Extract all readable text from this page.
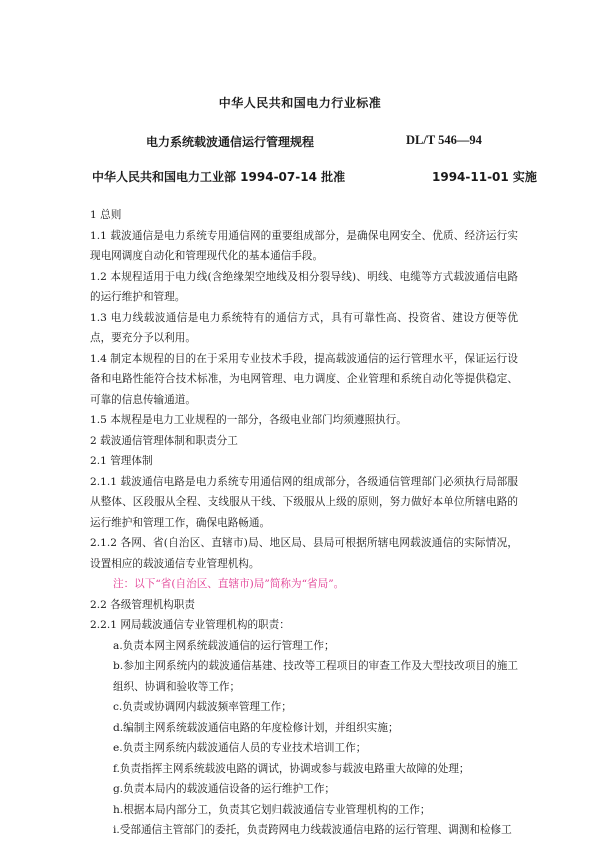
中华人民共和国电力行业标准
电力系统载波通信运行管理规程	DL/T 546—94
中华人民共和国电力工业部 1994-07-14 批准	1994-11-01 实施

1 总则

1.1 载波通信是电力系统专用通信网的重要组成部分，是确保电网安全、优质、经济运行实现电网调度自动化和管理现代化的基本通信手段。

1.2 本规程适用于电力线(含绝缘架空地线及相分裂导线)、明线、电缆等方式载波通信电路的运行维护和管理。

1.3 电力线载波通信是电力系统特有的通信方式，具有可靠性高、投资省、建设方便等优点，要充分予以利用。

1.4 制定本规程的目的在于采用专业技术手段，提高载波通信的运行管理水平，保证运行设备和电路性能符合技术标准，为电网管理、电力调度、企业管理和系统自动化等提供稳定、可靠的信息传输通道。

1.5 本规程是电力工业规程的一部分，各级电业部门均须遵照执行。

2 载波通信管理体制和职责分工

2.1 管理体制

2.1.1 载波通信电路是电力系统专用通信网的组成部分，各级通信管理部门必须执行局部服从整体、区段服从全程、支线服从干线、下级服从上级的原则，努力做好本单位所辖电路的运行维护和管理工作，确保电路畅通。

2.1.2 各网、省(自治区、直辖市)局、地区局、县局可根据所辖电网载波通信的实际情况，设置相应的载波通信专业管理机构。

注：以下“省(自治区、直辖市)局”简称为“省局”。

2.2 各级管理机构职责

2.2.1 网局载波通信专业管理机构的职责：

a.负责本网主网系统载波通信的运行管理工作；

b.参加主网系统内的载波通信基建、技改等工程项目的审查工作及大型技改项目的施工组织、协调和验收等工作；

c.负责或协调网内载波频率管理工作；

d.编制主网系统载波通信电路的年度检修计划，并组织实施；

e.负责主网系统内载波通信人员的专业技术培训工作；

f.负责指挥主网系统载波电路的调试，协调或参与载波电路重大故障的处理；

g.负责本局内的载波通信设备的运行维护工作；

h.根据本局内部分工，负责其它划归载波通信专业管理机构的工作；

i.受部通信主管部门的委托，负责跨网电力线载波通信电路的运行管理、调测和检修工
